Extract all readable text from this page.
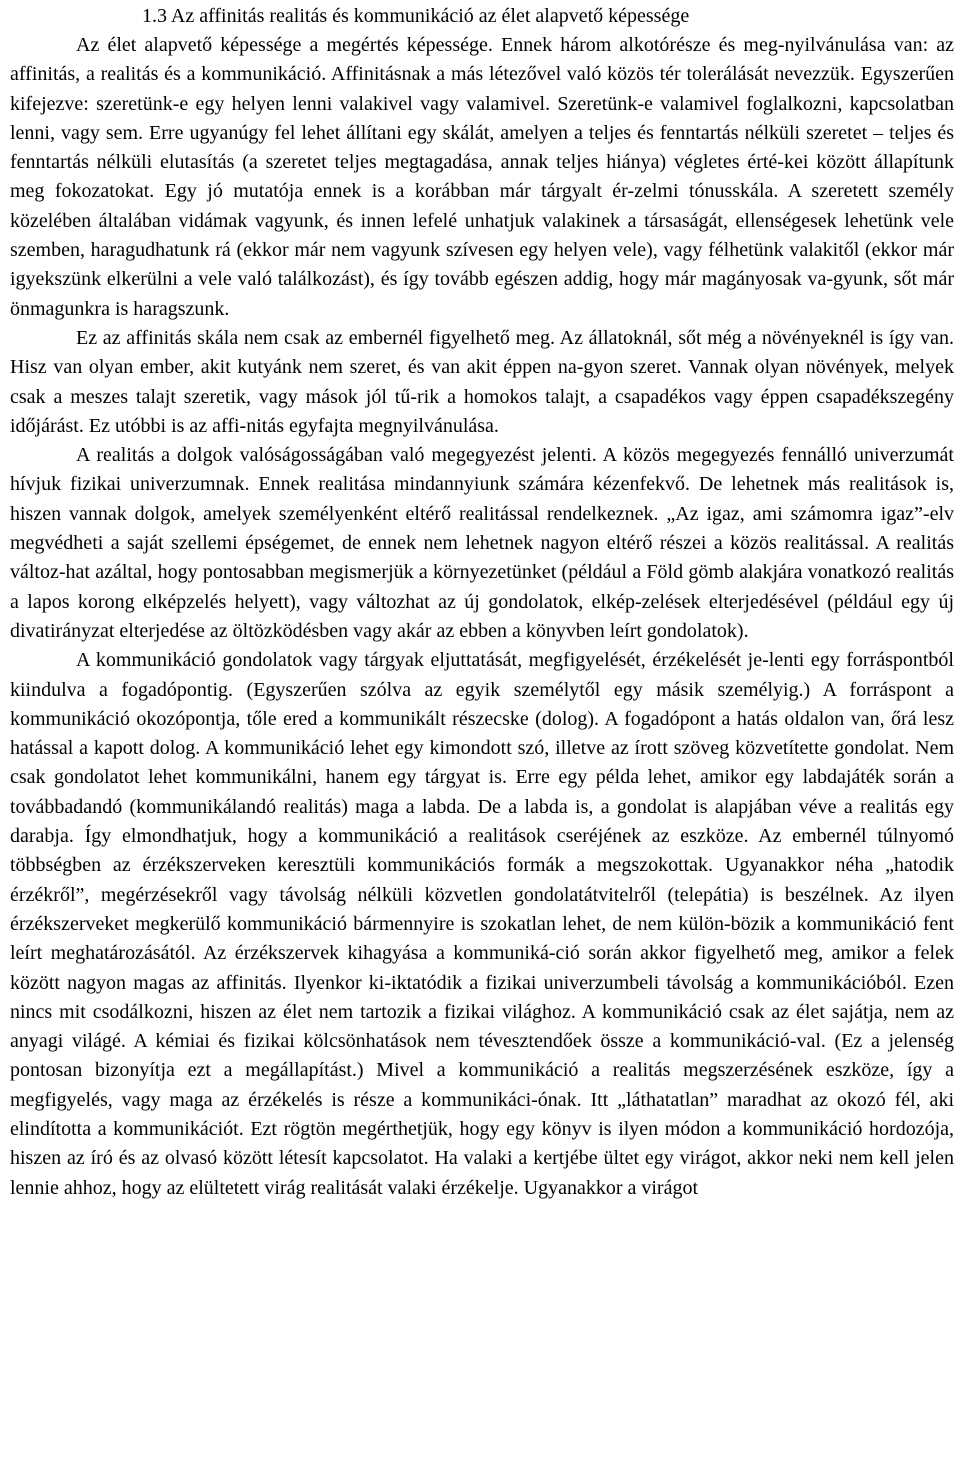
1.3 Az affinitás realitás és kommunikáció az élet alapvető képessége

Az élet alapvető képessége a megértés képessége. Ennek három alkotórésze és meg-nyilvánulása van: az affinitás, a realitás és a kommunikáció. Affinitásnak a más létezővel való közös tér tolerálását nevezzük. Egyszerűen kifejezve: szeretünk-e egy helyen lenni valakivel vagy valamivel. Szeretünk-e valamivel foglalkozni, kapcsolatban lenni, vagy sem. Erre ugyanúgy fel lehet állítani egy skálát, amelyen a teljes és fenntartás nélküli szeretet – teljes és fenntartás nélküli elutasítás (a szeretet teljes megtagadása, annak teljes hiánya) végletes érté-kei között állapítunk meg fokozatokat. Egy jó mutatója ennek is a korábban már tárgyalt ér-zelmi tónusskála. A szeretett személy közelében általában vidámak vagyunk, és innen lefelé unhatjuk valakinek a társaságát, ellenségesek lehetünk vele szemben, haragudhatunk rá (ekkor már nem vagyunk szívesen egy helyen vele), vagy félhetünk valakitől (ekkor már igyekszünk elkerülni a vele való találkozást), és így tovább egészen addig, hogy már magányosak va-gyunk, sőt már önmagunkra is haragszunk.

Ez az affinitás skála nem csak az embernél figyelhető meg. Az állatoknál, sőt még a növényeknél is így van. Hisz van olyan ember, akit kutyánk nem szeret, és van akit éppen na-gyon szeret. Vannak olyan növények, melyek csak a meszes talajt szeretik, vagy mások jól tű-rik a homokos talajt, a csapadékos vagy éppen csapadékszegény időjárást. Ez utóbbi is az affi-nitás egyfajta megnyilvánulása.

A realitás a dolgok valóságosságában való megegyezést jelenti. A közös megegyezés fennálló univerzumát hívjuk fizikai univerzumnak. Ennek realitása mindannyiunk számára kézenfekvő. De lehetnek más realitások is, hiszen vannak dolgok, amelyek személyenként eltérő realitással rendelkeznek. „Az igaz, ami számomra igaz”-elv megvédheti a saját szellemi épségemet, de ennek nem lehetnek nagyon eltérő részei a közös realitással. A realitás változ-hat azáltal, hogy pontosabban megismerjük a környezetünket (például a Föld gömb alakjára vonatkozó realitás a lapos korong elképzelés helyett), vagy változhat az új gondolatok, elkép-zelések elterjedésével (például egy új divatirányzat elterjedése az öltözködésben vagy akár az ebben a könyvben leírt gondolatok).

A kommunikáció gondolatok vagy tárgyak eljuttatását, megfigyelését, érzékelését je-lenti egy forráspontból kiindulva a fogadópontig. (Egyszerűen szólva az egyik személytől egy másik személyig.) A forráspont a kommunikáció okozópontja, tőle ered a kommunikált részecske (dolog). A fogadópont a hatás oldalon van, őrá lesz hatással a kapott dolog. A kommunikáció lehet egy kimondott szó, illetve az írott szöveg közvetítette gondolat. Nem csak gondolatot lehet kommunikálni, hanem egy tárgyat is. Erre egy példa lehet, amikor egy labdajáték során a továbbadandó (kommunikálandó realitás) maga a labda. De a labda is, a gondolat is alapjában véve a realitás egy darabja. Így elmondhatjuk, hogy a kommunikáció a realitások cseréjének az eszköze. Az embernél túlnyomó többségben az érzékszerveken keresztüli kommunikációs formák a megszokottak. Ugyanakkor néha „hatodik érzékről”, megérzésekről vagy távolság nélküli közvetlen gondolatátvitelről (telepátia) is beszélnek. Az ilyen érzékszerveket megkerülő kommunikáció bármennyire is szokatlan lehet, de nem külön-bözik a kommunikáció fent leírt meghatározásától. Az érzékszervek kihagyása a kommuniká-ció során akkor figyelhető meg, amikor a felek között nagyon magas az affinitás. Ilyenkor ki-iktatódik a fizikai univerzumbeli távolság a kommunikációból. Ezen nincs mit csodálkozni, hiszen az élet nem tartozik a fizikai világhoz. A kommunikáció csak az élet sajátja, nem az anyagi világé. A kémiai és fizikai kölcsönhatások nem tévesztendőek össze a kommunikáció-val. (Ez a jelenség pontosan bizonyítja ezt a megállapítást.) Mivel a kommunikáció a realitás megszerzésének eszköze, így a megfigyelés, vagy maga az érzékelés is része a kommunikáci-ónak. Itt „láthatatlan” maradhat az okozó fél, aki elindította a kommunikációt. Ezt rögtön megérthetjük, hogy egy könyv is ilyen módon a kommunikáció hordozója, hiszen az író és az olvasó között létesít kapcsolatot. Ha valaki a kertjébe ültet egy virágot, akkor neki nem kell jelen lennie ahhoz, hogy az elültetett virág realitását valaki érzékelje. Ugyanakkor a virágot
